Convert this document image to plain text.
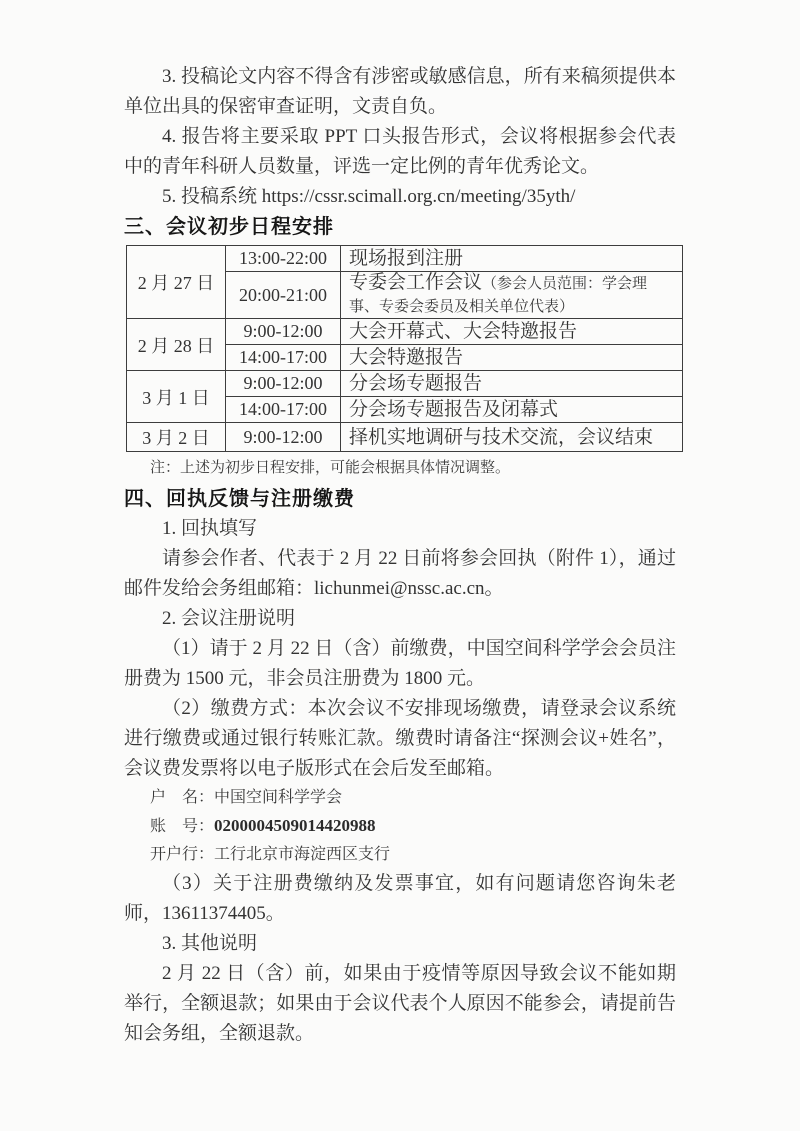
3. 投稿论文内容不得含有涉密或敏感信息，所有来稿须提供本单位出具的保密审查证明，文责自负。

4. 报告将主要采取 PPT 口头报告形式，会议将根据参会代表中的青年科研人员数量，评选一定比例的青年优秀论文。

5. 投稿系统 https://cssr.scimall.org.cn/meeting/35yth/

三、会议初步日程安排
2 月 27 日	13:00-22:00	现场报到注册
	20:00-21:00	专委会工作会议（参会人员范围：学会理事、专委会委员及相关单位代表）
2 月 28 日	9:00-12:00	大会开幕式、大会特邀报告
	14:00-17:00	大会特邀报告
3 月 1 日	9:00-12:00	分会场专题报告
	14:00-17:00	分会场专题报告及闭幕式
3 月 2 日	9:00-12:00	择机实地调研与技术交流，会议结束

注：上述为初步日程安排，可能会根据具体情况调整。

四、回执反馈与注册缴费

1. 回执填写

请参会作者、代表于 2 月 22 日前将参会回执（附件 1），通过邮件发给会务组邮箱：lichunmei@nssc.ac.cn。

2. 会议注册说明

（1）请于 2 月 22 日（含）前缴费，中国空间科学学会会员注册费为 1500 元，非会员注册费为 1800 元。

（2）缴费方式：本次会议不安排现场缴费，请登录会议系统进行缴费或通过银行转账汇款。缴费时请备注“探测会议+姓名”，会议费发票将以电子版形式在会后发至邮箱。

户　名：中国空间科学学会

账　号：0200004509014420988

开户行：工行北京市海淀西区支行

（3）关于注册费缴纳及发票事宜，如有问题请您咨询朱老师，13611374405。

3. 其他说明

2 月 22 日（含）前，如果由于疫情等原因导致会议不能如期举行，全额退款；如果由于会议代表个人原因不能参会，请提前告知会务组，全额退款。
